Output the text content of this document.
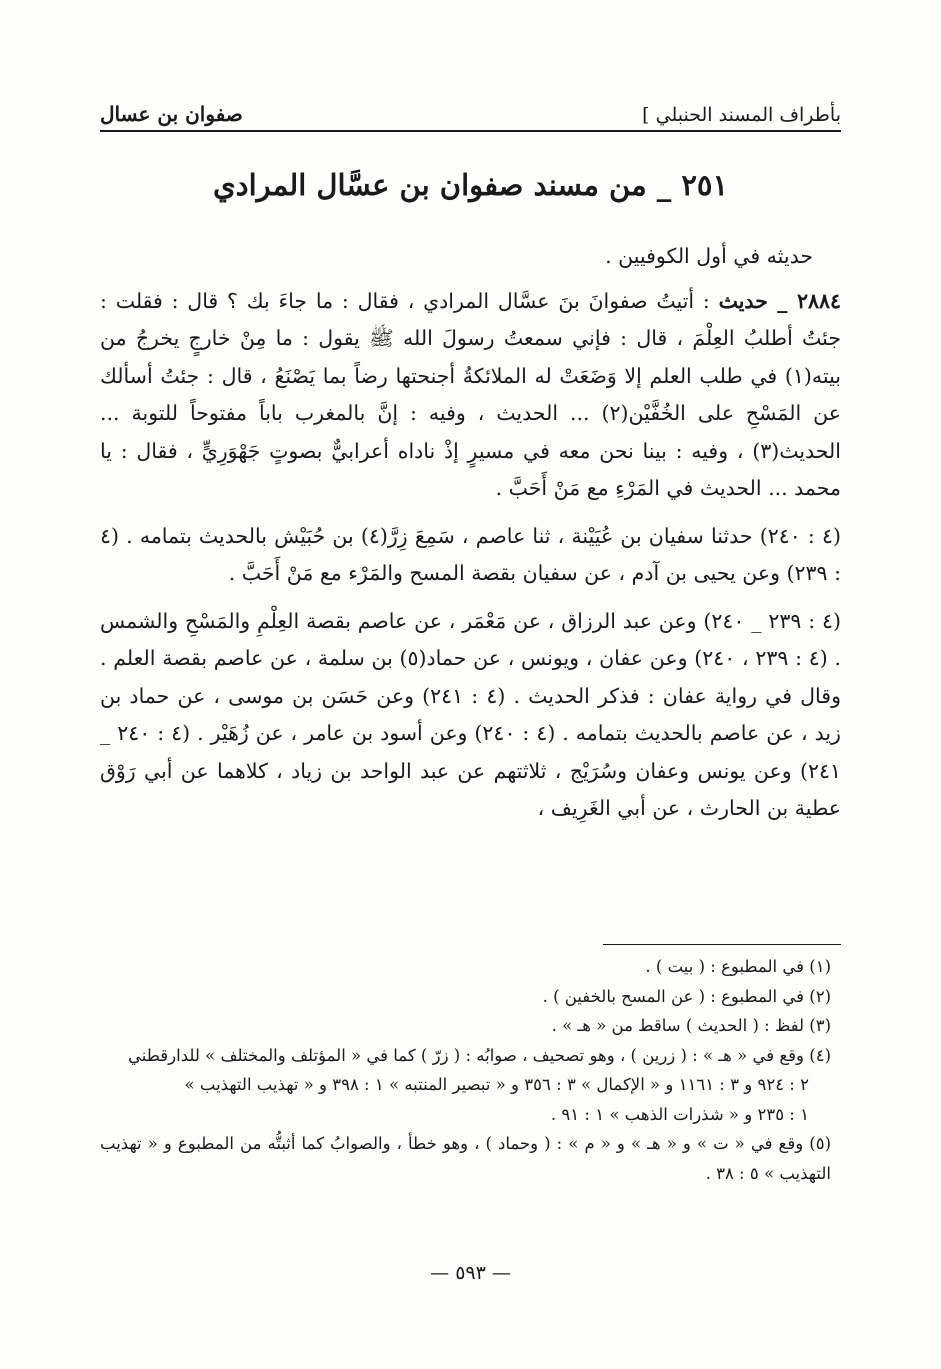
بأطراف المسند الحنبلي ]
صفوان بن عسال
٢٥١ _ من مسند صفوان بن عسَّال المرادي

حديثه في أول الكوفيين .

٢٨٨٤ _ حديث : أتيتُ صفوانَ بنَ عسَّال المرادي ، فقال : ما جاءَ بك ؟ قال : فقلت : جئتُ أطلبُ العِلْمَ ، قال : فإني سمعتُ رسولَ الله ﷺ يقول : ما مِنْ خارجٍ يخرجُ من بيته(١) في طلب العلم إلا وَضَعَتْ له الملائكةُ أجنحتها رضاً بما يَصْنَعُ ، قال : جئتُ أسألك عن المَسْحِ على الخُفَّيْن(٢) ... الحديث ، وفيه : إنَّ بالمغرب باباً مفتوحاً للتوبة ... الحديث(٣) ، وفيه : بينا نحن معه في مسيرٍ إذْ ناداه أعرابيٌّ بصوتٍ جَهْوَرِيٍّ ، فقال : يا محمد ... الحديث في المَرْءِ مع مَنْ أَحَبَّ .

(٤ : ٢٤٠) حدثنا سفيان بن عُيَيْنة ، ثنا عاصم ، سَمِعَ زِرَّ(٤) بن حُبَيْش بالحديث بتمامه . (٤ : ٢٣٩) وعن يحيى بن آدم ، عن سفيان بقصة المسح والمَرْء مع مَنْ أَحَبَّ .

(٤ : ٢٣٩ _ ٢٤٠) وعن عبد الرزاق ، عن مَعْمَر ، عن عاصم بقصة العِلْمِ والمَسْحِ والشمس . (٤ : ٢٣٩ ، ٢٤٠) وعن عفان ، ويونس ، عن حماد(٥) بن سلمة ، عن عاصم بقصة العلم . وقال في رواية عفان : فذكر الحديث . (٤ : ٢٤١) وعن حَسَن بن موسى ، عن حماد بن زيد ، عن عاصم بالحديث بتمامه . (٤ : ٢٤٠) وعن أسود بن عامر ، عن زُهَيْر . (٤ : ٢٤٠ _ ٢٤١) وعن يونس وعفان وسُرَيْج ، ثلاثتهم عن عبد الواحد بن زياد ، كلاهما عن أبي رَوْق عطية بن الحارث ، عن أبي الغَرِيف ،

(١) في المطبوع : ( بيت ) .

(٢) في المطبوع : ( عن المسح بالخفين ) .

(٣) لفظ : ( الحديث ) ساقط من « هـ » .

(٤) وقع في « هـ » : ( زرين ) ، وهو تصحيف ، صوابُه : ( زرّ ) كما في « المؤتلف والمختلف » للدارقطني

٢ : ٩٢٤ و ٣ : ١١٦١ و « الإكمال » ٣ : ٣٥٦ و « تبصير المنتبه » ١ : ٣٩٨ و « تهذيب التهذيب »

١ : ٢٣٥ و « شذرات الذهب » ١ : ٩١ .

(٥) وقع في « ت » و « هـ » و « م » : ( وحماد ) ، وهو خطأ ، والصوابُ كما أثبتُّه من المطبوع و « تهذيب التهذيب » ٥ : ٣٨ .

— ٥٩٣ —
